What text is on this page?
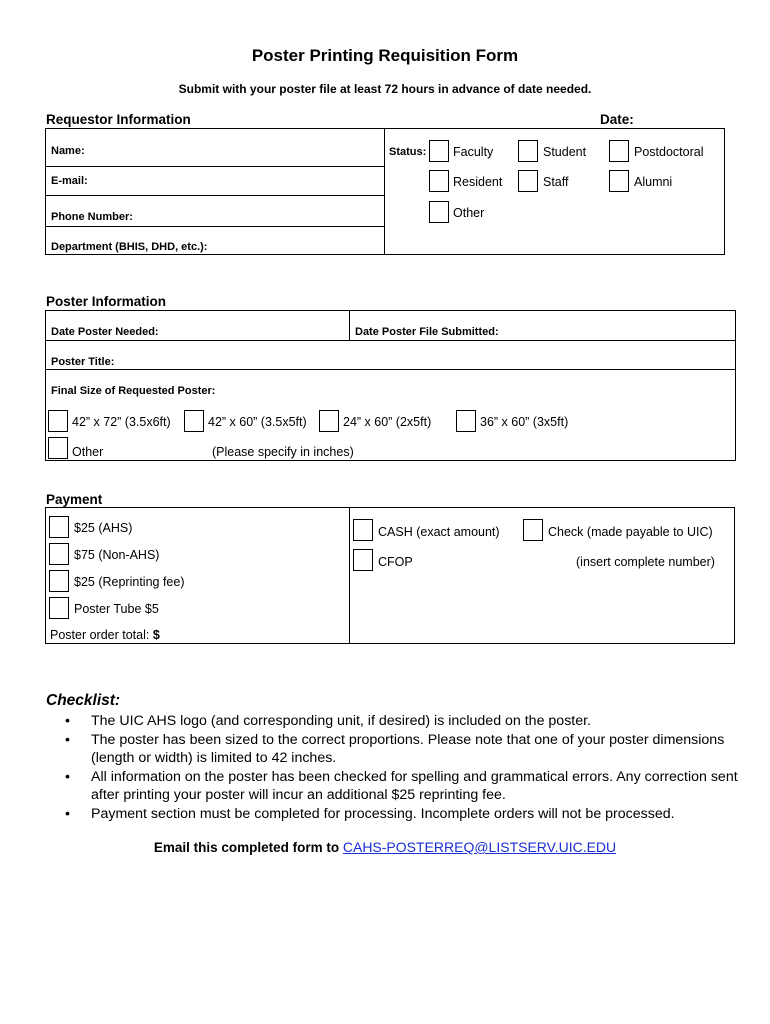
Poster Printing Requisition Form
Submit with your poster file at least 72 hours in advance of date needed.
Requestor Information	Date:
Name:
E-mail:
Phone Number:
Department (BHIS, DHD, etc.):
Status: Faculty	Student	Postdoctoral
Resident	Staff	Alumni
Other
Poster Information
Date Poster Needed:	Date Poster File Submitted:
Poster Title:
Final Size of Requested Poster:
42” x 72” (3.5x6ft)	42” x 60” (3.5x5ft)	24” x 60” (2x5ft)	36” x 60” (3x5ft)
Other	(Please specify in inches)
Payment
$25 (AHS)
$75 (Non-AHS)
$25 (Reprinting fee)
Poster Tube $5
Poster order total: $
CASH (exact amount)	Check (made payable to UIC)
CFOP	(insert complete number)
Checklist:
• The UIC AHS logo (and corresponding unit, if desired) is included on the poster.
• The poster has been sized to the correct proportions. Please note that one of your poster dimensions (length or width) is limited to 42 inches.
• All information on the poster has been checked for spelling and grammatical errors. Any correction sent after printing your poster will incur an additional $25 reprinting fee.
• Payment section must be completed for processing. Incomplete orders will not be processed.
Email this completed form to CAHS-POSTERREQ@LISTSERV.UIC.EDU
